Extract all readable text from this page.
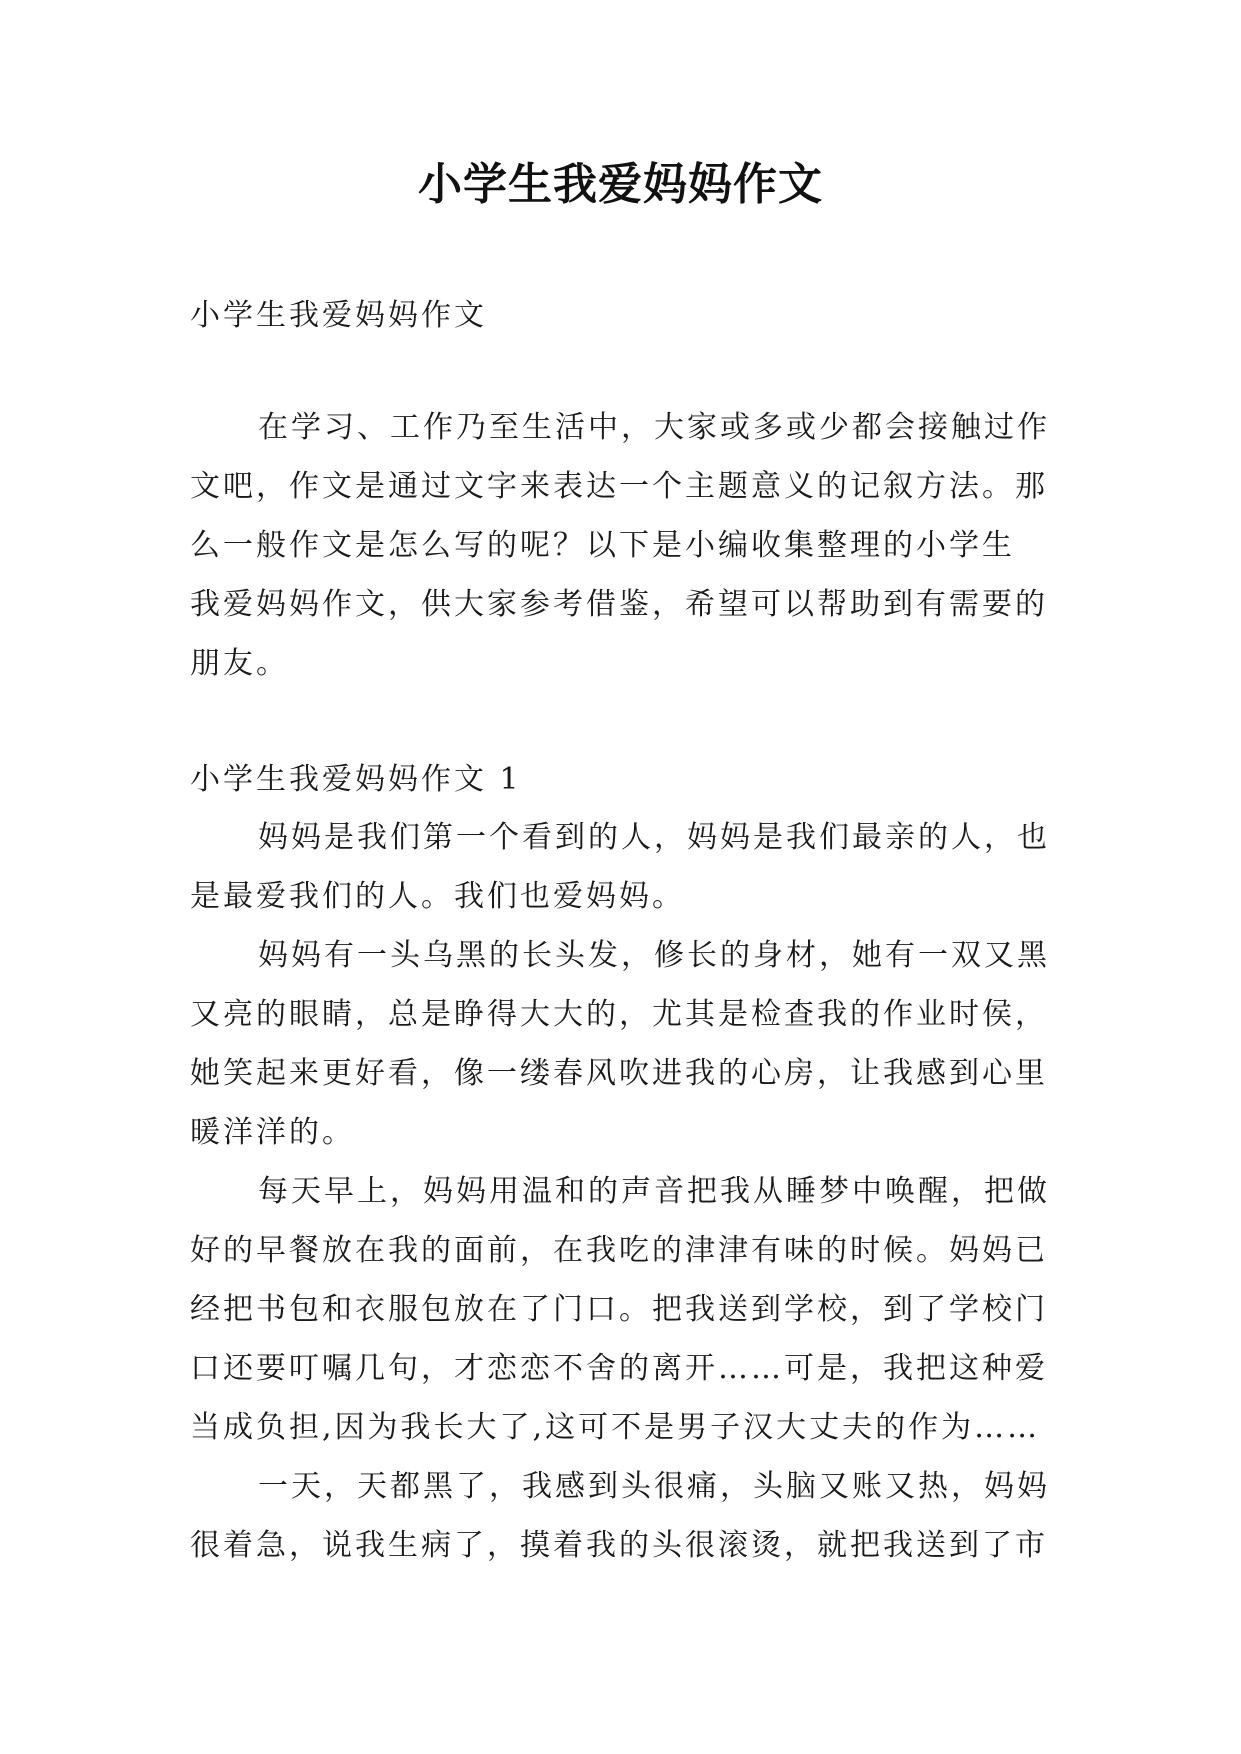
小学生我爱妈妈作文
小学生我爱妈妈作文
在学习、工作乃至生活中，大家或多或少都会接触过作
文吧，作文是通过文字来表达一个主题意义的记叙方法。那
么一般作文是怎么写的呢？以下是小编收集整理的小学生
我爱妈妈作文，供大家参考借鉴，希望可以帮助到有需要的
朋友。
小学生我爱妈妈作文 1
妈妈是我们第一个看到的人，妈妈是我们最亲的人，也
是最爱我们的人。我们也爱妈妈。
妈妈有一头乌黑的长头发，修长的身材，她有一双又黑
又亮的眼睛，总是睁得大大的，尤其是检查我的作业时侯，
她笑起来更好看，像一缕春风吹进我的心房，让我感到心里
暖洋洋的。
每天早上，妈妈用温和的声音把我从睡梦中唤醒，把做
好的早餐放在我的面前，在我吃的津津有味的时候。妈妈已
经把书包和衣服包放在了门口。把我送到学校，到了学校门
口还要叮嘱几句，才恋恋不舍的离开……可是，我把这种爱
当成负担,因为我长大了,这可不是男子汉大丈夫的作为……
一天，天都黑了，我感到头很痛，头脑又账又热，妈妈
很着急，说我生病了，摸着我的头很滚烫，就把我送到了市
